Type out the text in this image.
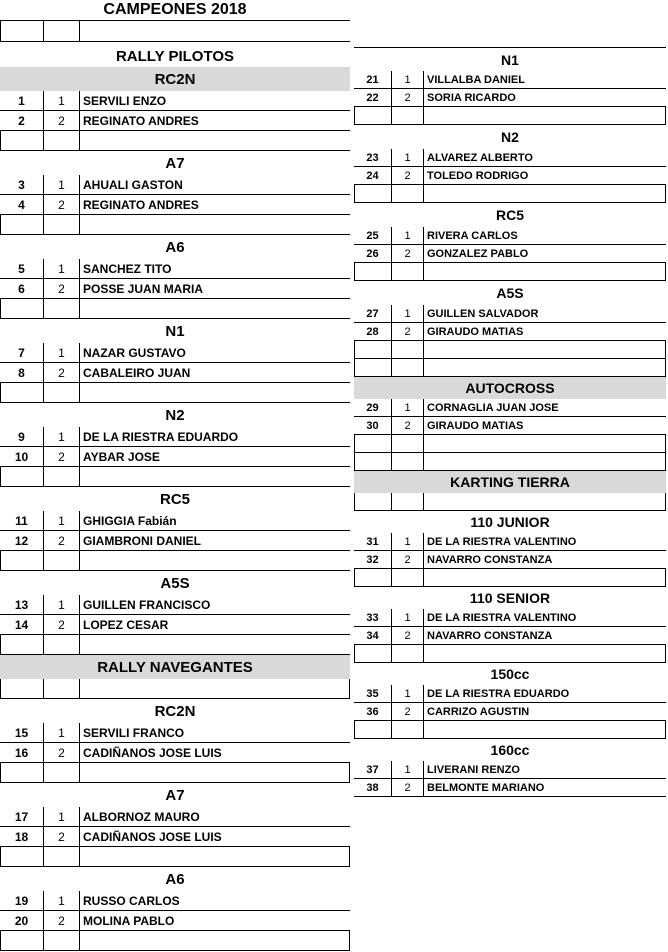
CAMPEONES 2018
RALLY PILOTOS
RC2N
1	1	SERVILI ENZO
2	2	REGINATO ANDRES
A7
3	1	AHUALI GASTON
4	2	REGINATO ANDRES
A6
5	1	SANCHEZ TITO
6	2	POSSE JUAN MARIA
N1
7	1	NAZAR GUSTAVO
8	2	CABALEIRO JUAN
N2
9	1	DE LA RIESTRA EDUARDO
10	2	AYBAR JOSE
RC5
11	1	GHIGGIA Fabián
12	2	GIAMBRONI DANIEL
A5S
13	1	GUILLEN FRANCISCO
14	2	LOPEZ CESAR
RALLY NAVEGANTES
RC2N
15	1	SERVILI FRANCO
16	2	CADIÑANOS JOSE LUIS
A7
17	1	ALBORNOZ MAURO
18	2	CADIÑANOS JOSE LUIS
A6
19	1	RUSSO CARLOS
20	2	MOLINA PABLO
N1
21	1	VILLALBA DANIEL
22	2	SORIA RICARDO
N2
23	1	ALVAREZ ALBERTO
24	2	TOLEDO RODRIGO
RC5
25	1	RIVERA CARLOS
26	2	GONZALEZ PABLO
A5S
27	1	GUILLEN SALVADOR
28	2	GIRAUDO MATIAS
AUTOCROSS
29	1	CORNAGLIA JUAN JOSE
30	2	GIRAUDO MATIAS
KARTING TIERRA
110 JUNIOR
31	1	DE LA RIESTRA VALENTINO
32	2	NAVARRO CONSTANZA
110 SENIOR
33	1	DE LA RIESTRA VALENTINO
34	2	NAVARRO CONSTANZA
150cc
35	1	DE LA RIESTRA EDUARDO
36	2	CARRIZO AGUSTIN
160cc
37	1	LIVERANI RENZO
38	2	BELMONTE MARIANO
